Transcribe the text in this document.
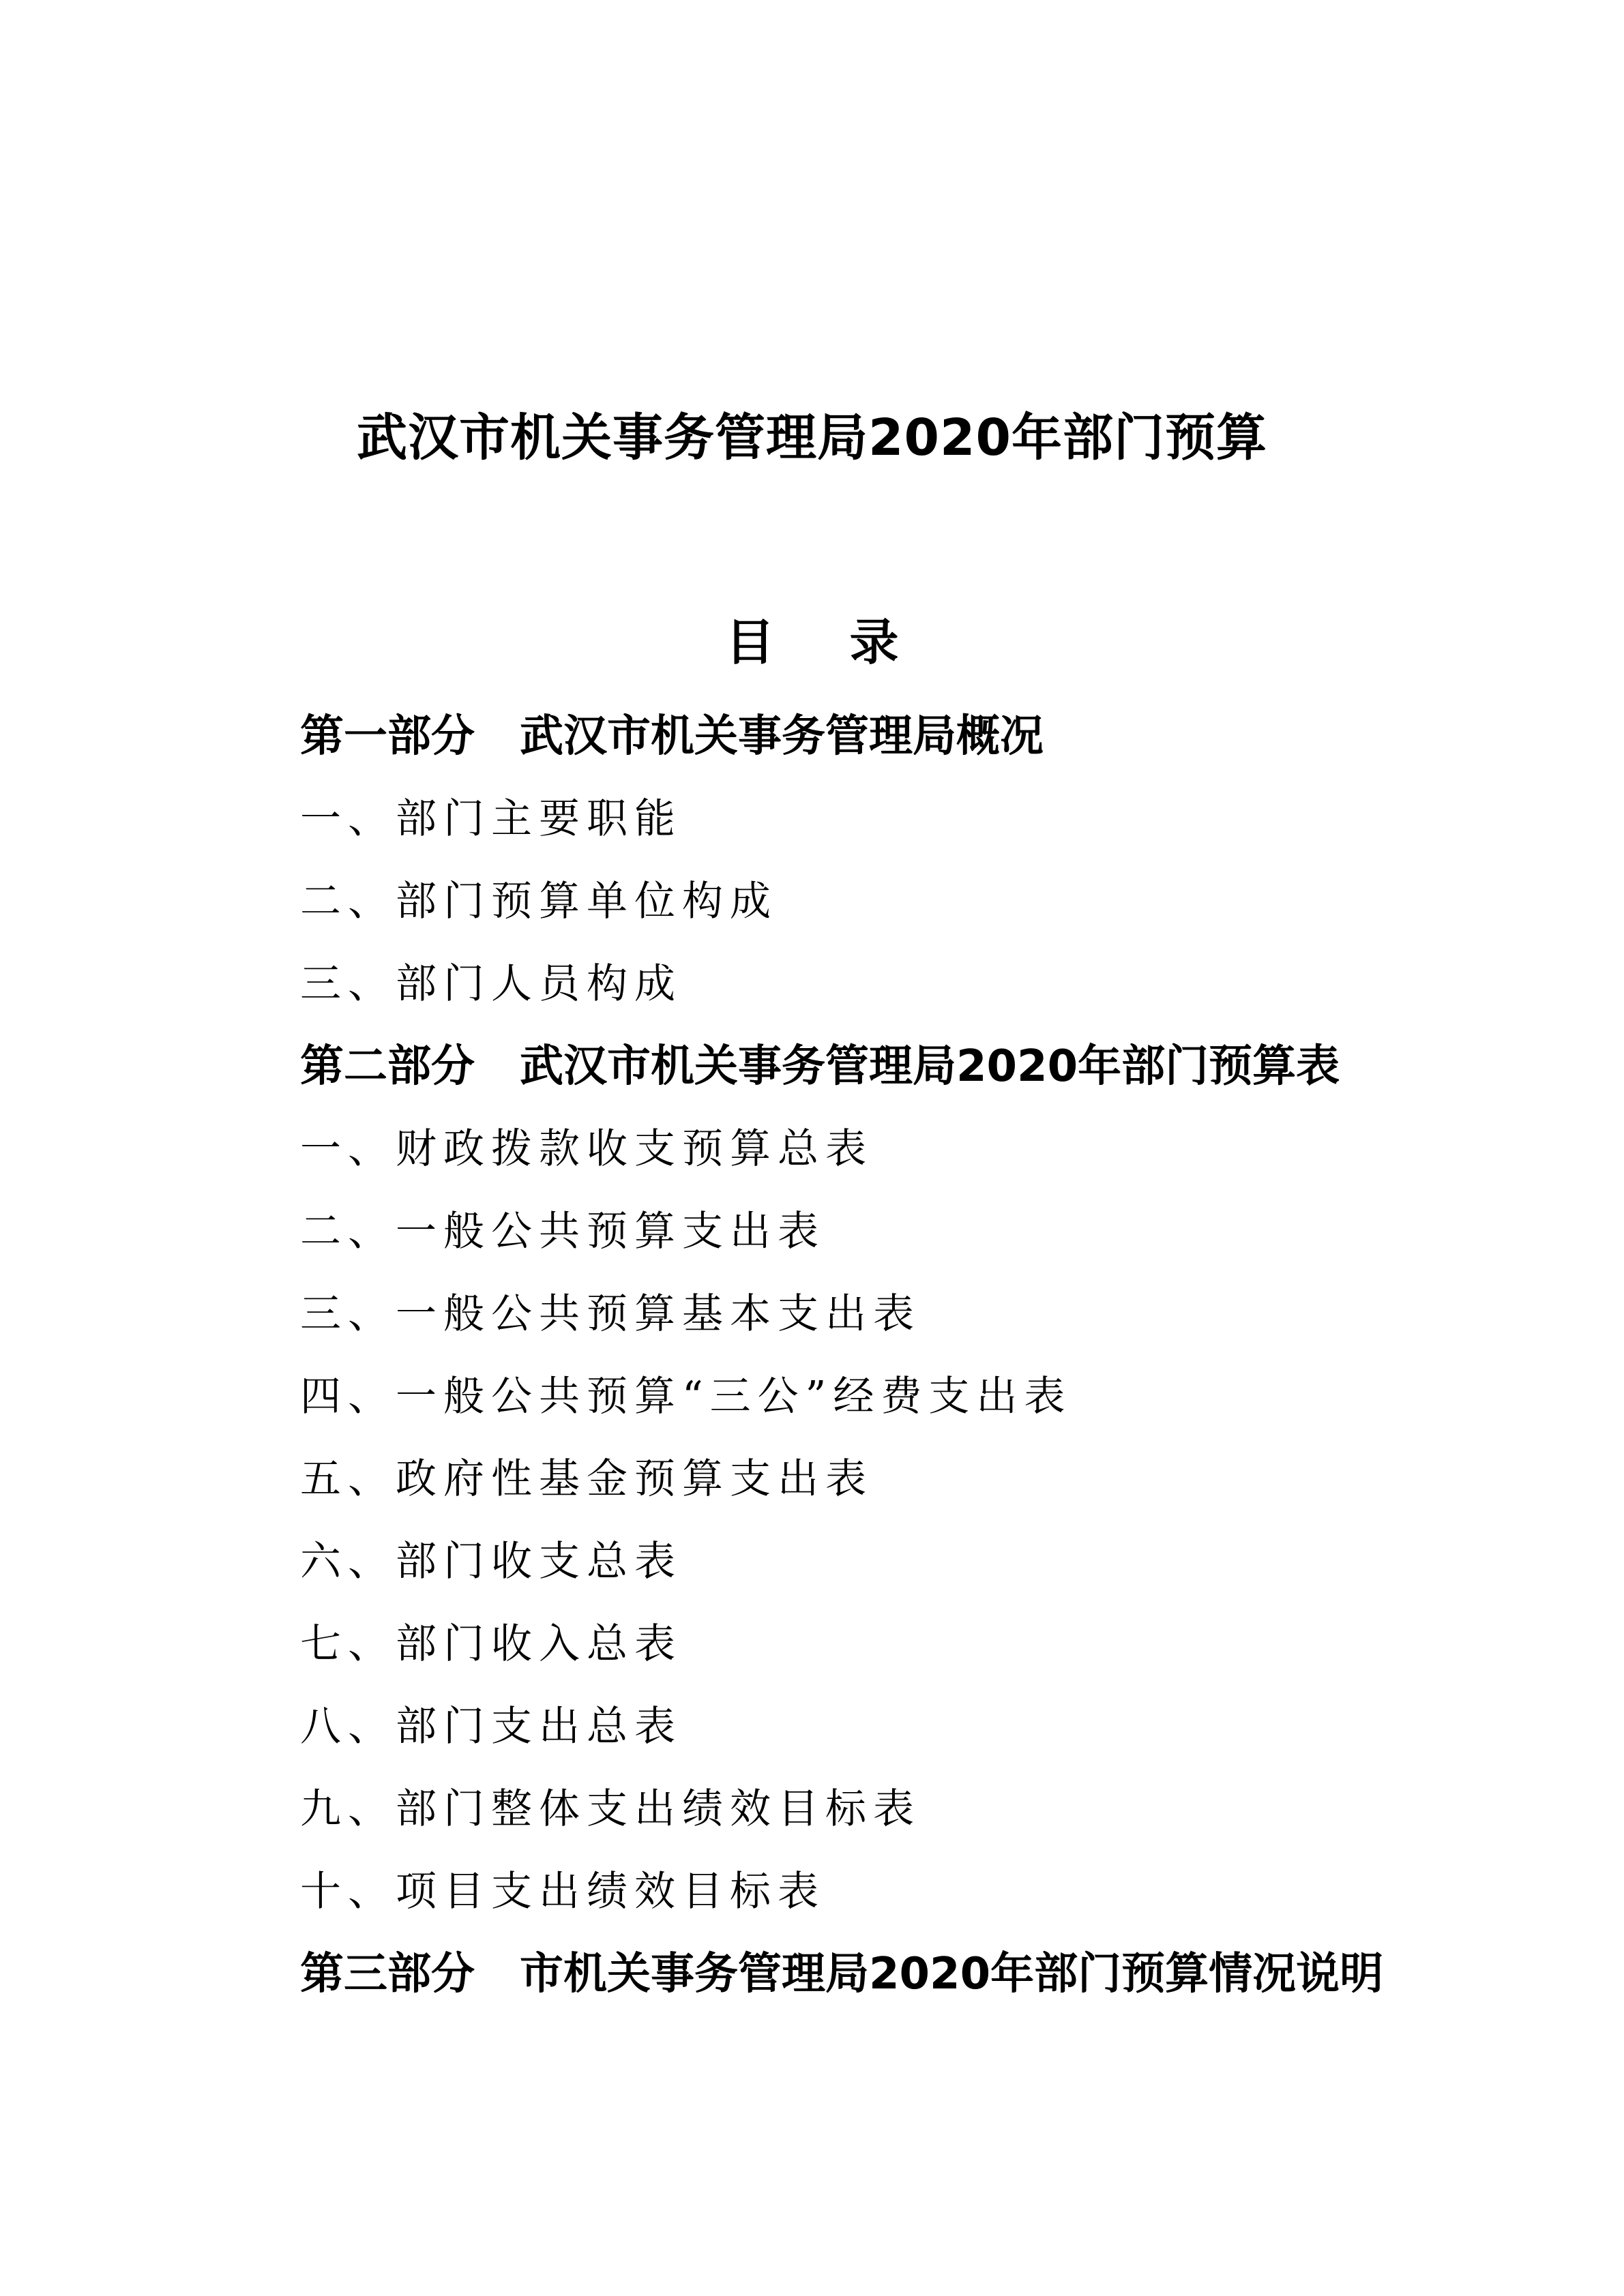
武汉市机关事务管理局2020年部门预算
目录
第一部分 武汉市机关事务管理局概况
一、部门主要职能
二、部门预算单位构成
三、部门人员构成
第二部分 武汉市机关事务管理局2020年部门预算表
一、财政拨款收支预算总表
二、一般公共预算支出表
三、一般公共预算基本支出表
四、一般公共预算“三公”经费支出表
五、政府性基金预算支出表
六、部门收支总表
七、部门收入总表
八、部门支出总表
九、部门整体支出绩效目标表
十、项目支出绩效目标表
第三部分 市机关事务管理局2020年部门预算情况说明
